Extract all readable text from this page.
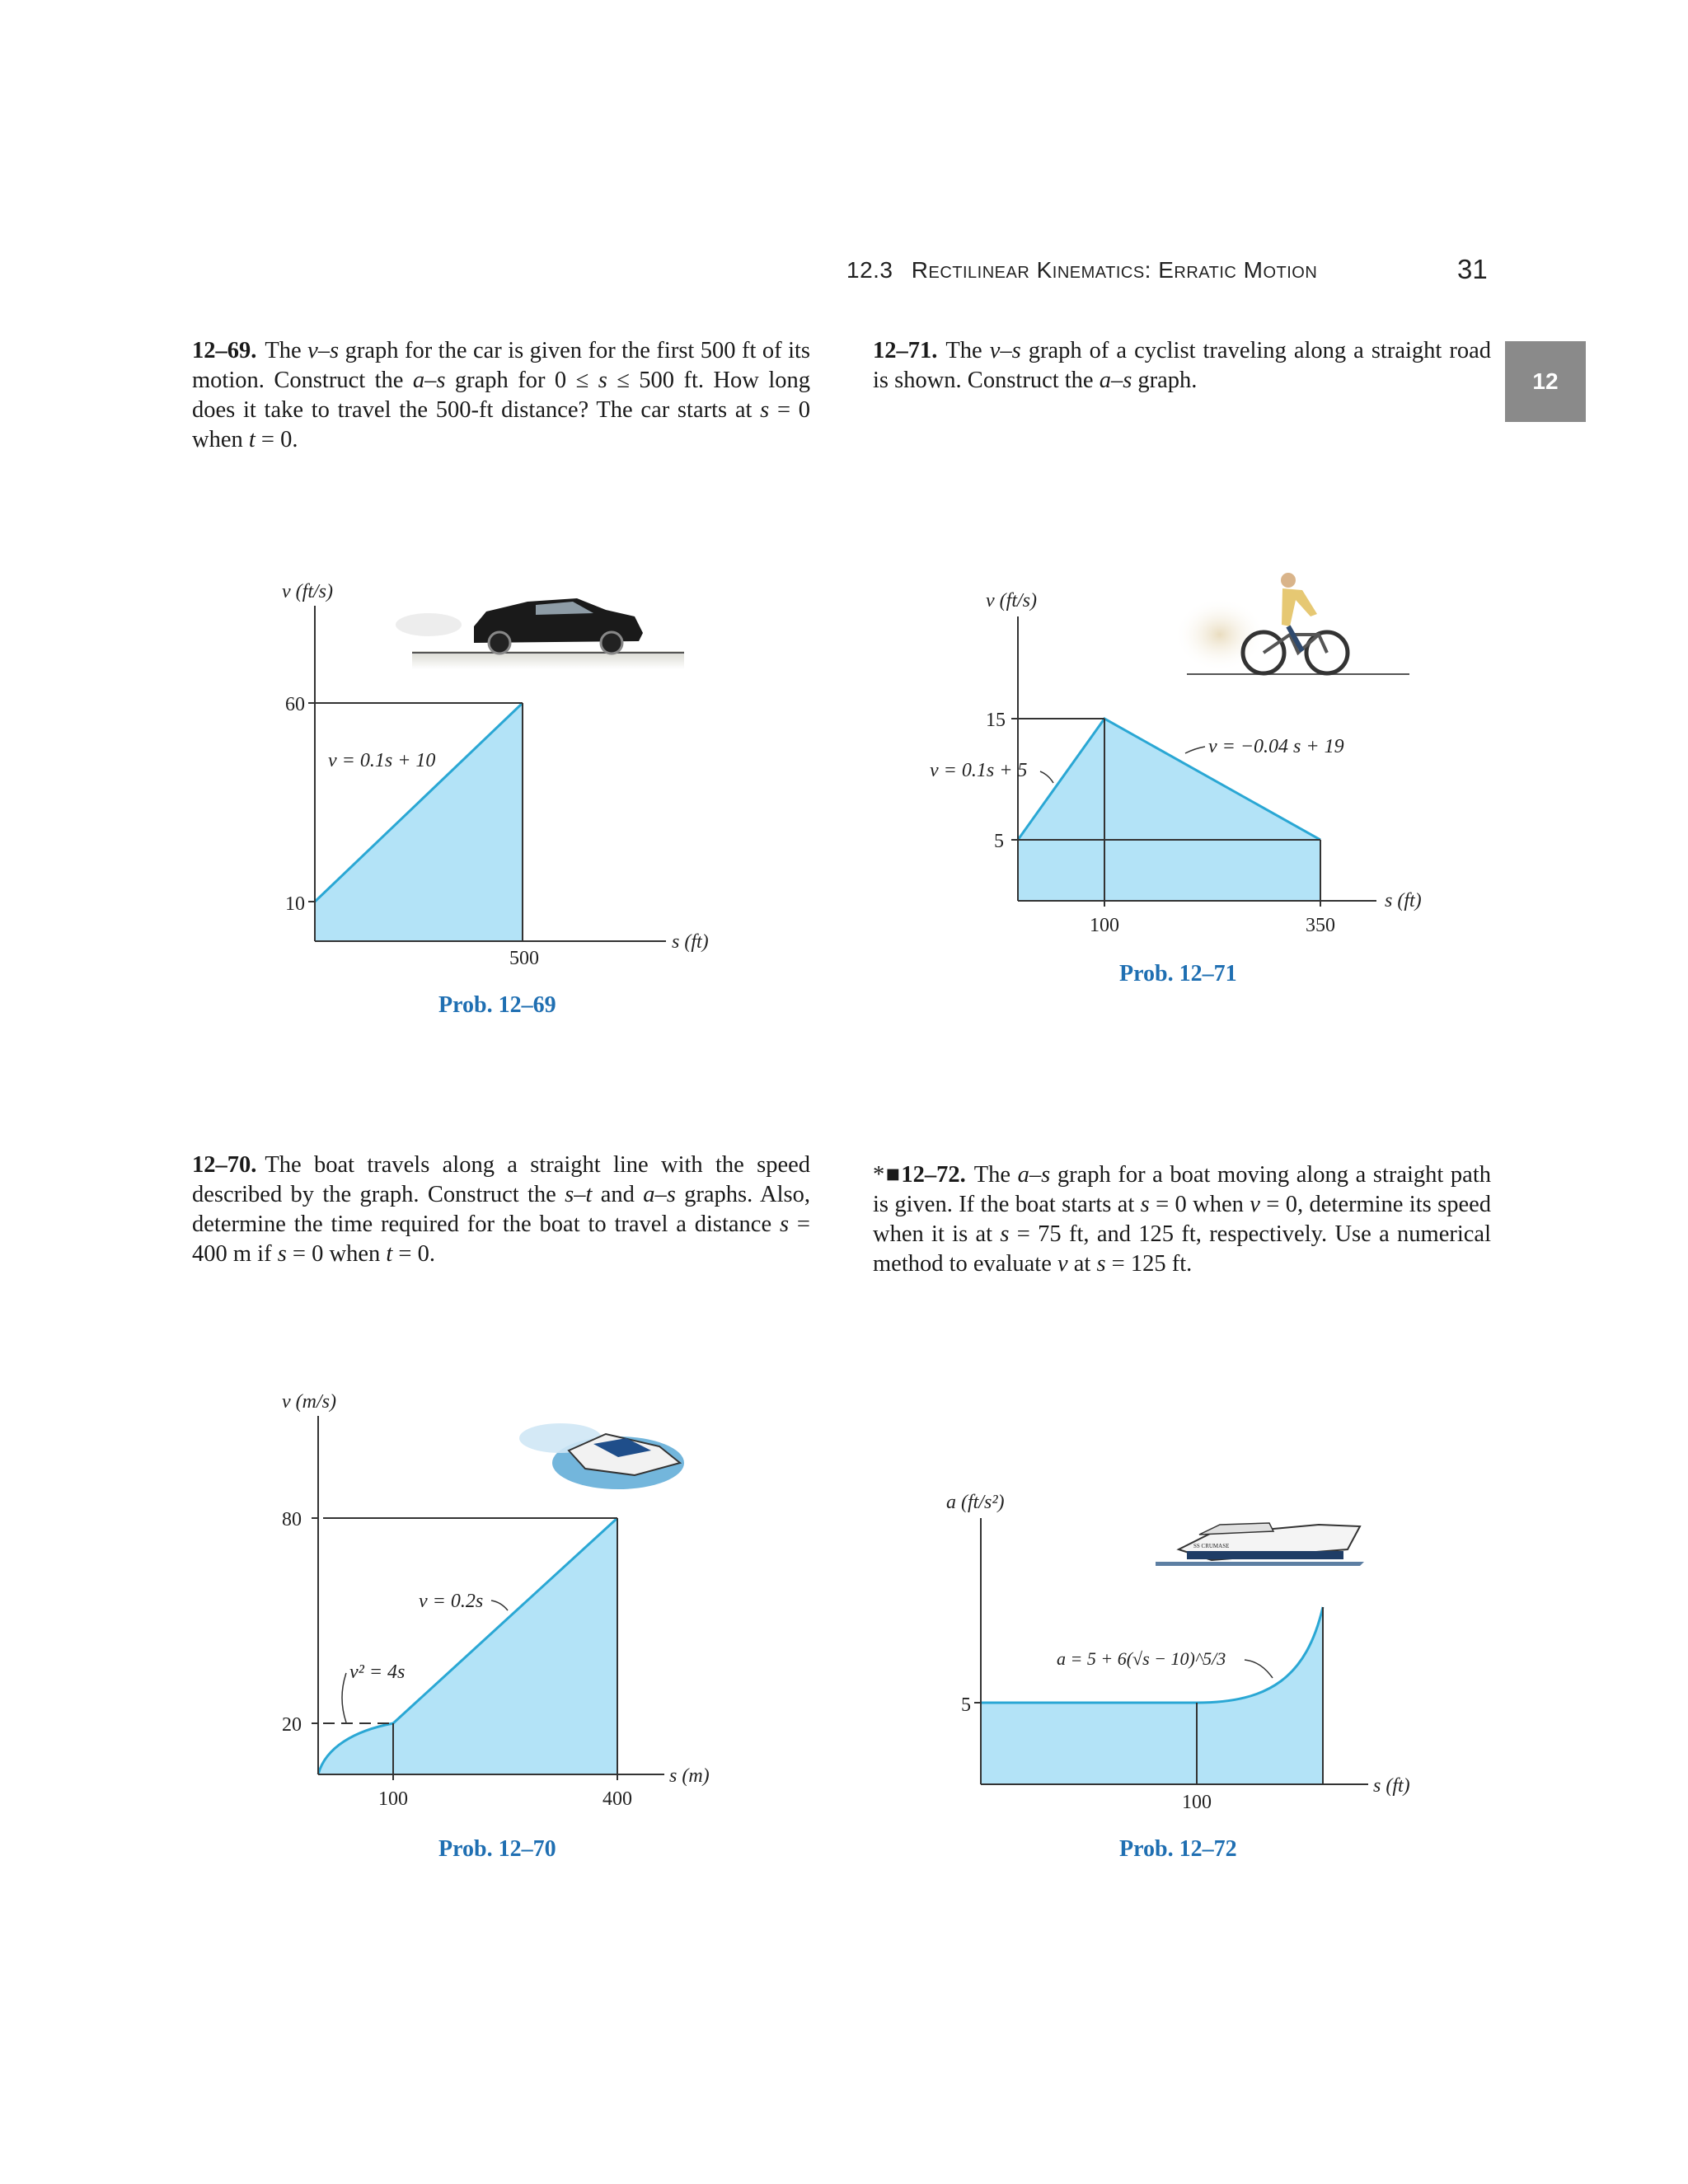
12.3 Rectilinear Kinematics: Erratic Motion	31
12
12–69. The v–s graph for the car is given for the first 500 ft of its motion. Construct the a–s graph for 0 ≤ s ≤ 500 ft. How long does it take to travel the 500-ft distance? The car starts at s = 0 when t = 0.
12–71. The v–s graph of a cyclist traveling along a straight road is shown. Construct the a–s graph.
12–70. The boat travels along a straight line with the speed described by the graph. Construct the s–t and a–s graphs. Also, determine the time required for the boat to travel a distance s = 400 m if s = 0 when t = 0.
*■12–72. The a–s graph for a boat moving along a straight path is given. If the boat starts at s = 0 when v = 0, determine its speed when it is at s = 75 ft, and 125 ft, respectively. Use a numerical method to evaluate v at s = 125 ft.
v (ft/s)
60
10
500
s (ft)
v = 0.1s + 10
v (ft/s)
15
5
100	350
s (ft)
v = 0.1s + 5
v = −0.04 s + 19
v (m/s)
80
20
100	400
s (m)
v = 0.2s
v² = 4s
a (ft/s²)
5
100
s (ft)
a = 5 + 6(√s − 10)^5/3
SS CRUMASE
Prob. 12–69
Prob. 12–71
Prob. 12–70	Prob. 12–72
